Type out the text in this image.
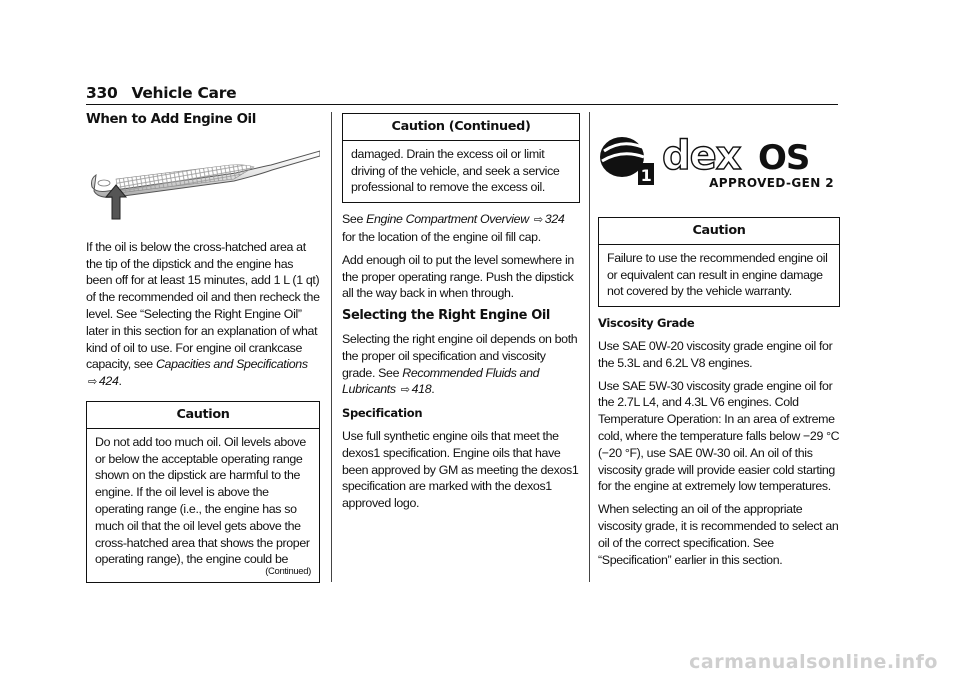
330 Vehicle Care
When to Add Engine Oil

If the oil is below the cross-hatched area at the tip of the dipstick and the engine has been off for at least 15 minutes, add 1 L (1 qt) of the recommended oil and then recheck the level. See “Selecting the Right Engine Oil” later in this section for an explanation of what kind of oil to use. For engine oil crankcase capacity, see Capacities and Specifications ⇨ 424.

Caution
Do not add too much oil. Oil levels above or below the acceptable operating range shown on the dipstick are harmful to the engine. If the oil level is above the operating range (i.e., the engine has so much oil that the oil level gets above the cross-hatched area that shows the proper operating range), the engine could be
(Continued)
Caution (Continued)
damaged. Drain the excess oil or limit driving of the vehicle, and seek a service professional to remove the excess oil.

See Engine Compartment Overview ⇨ 324 for the location of the engine oil fill cap.

Add enough oil to put the level somewhere in the proper operating range. Push the dipstick all the way back in when through.

Selecting the Right Engine Oil

Selecting the right engine oil depends on both the proper oil specification and viscosity grade. See Recommended Fluids and Lubricants ⇨ 418.

Specification

Use full synthetic engine oils that meet the dexos1 specification. Engine oils that have been approved by GM as meeting the dexos1 specification are marked with the dexos1 approved logo.

1 dex OS
APPROVED-GEN 2
Caution
Failure to use the recommended engine oil or equivalent can result in engine damage not covered by the vehicle warranty.
Viscosity Grade

Use SAE 0W-20 viscosity grade engine oil for the 5.3L and 6.2L V8 engines.

Use SAE 5W-30 viscosity grade engine oil for the 2.7L L4, and 4.3L V6 engines. Cold Temperature Operation: In an area of extreme cold, where the temperature falls below −29 °C (−20 °F), use SAE 0W-30 oil. An oil of this viscosity grade will provide easier cold starting for the engine at extremely low temperatures.

When selecting an oil of the appropriate viscosity grade, it is recommended to select an oil of the correct specification. See “Specification” earlier in this section.

carmanualsonline.info
